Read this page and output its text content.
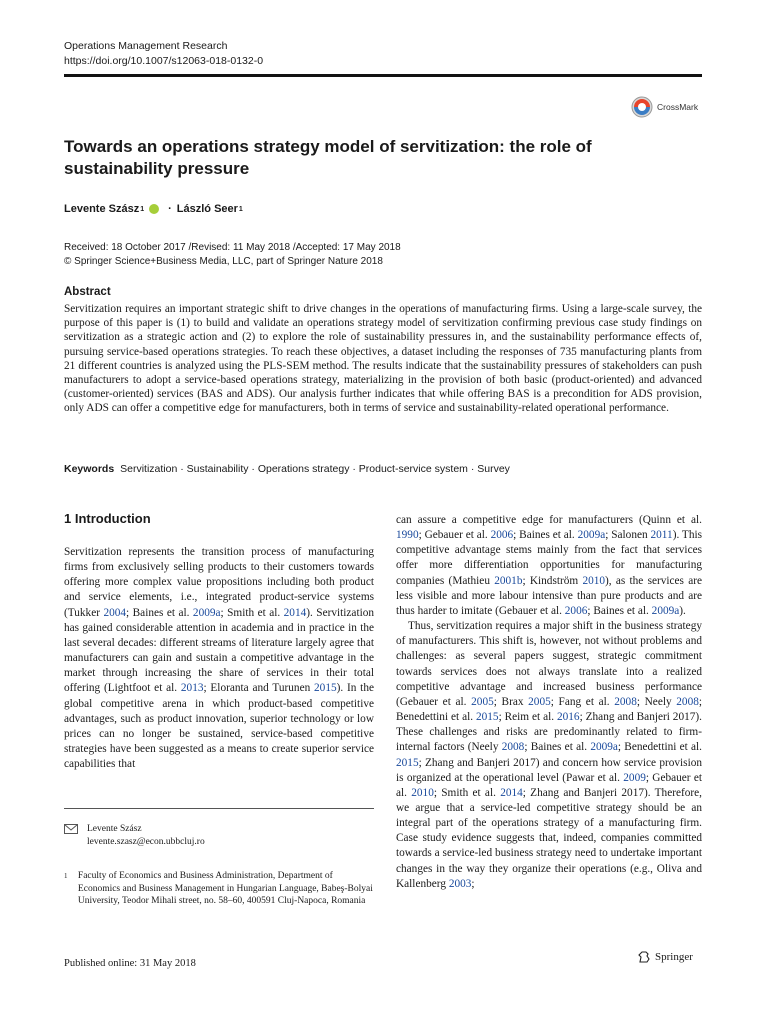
Operations Management Research
https://doi.org/10.1007/s12063-018-0132-0
CrossMark
Towards an operations strategy model of servitization: the role of sustainability pressure
Levente Szász 1 · László Seer 1
Received: 18 October 2017 /Revised: 11 May 2018 /Accepted: 17 May 2018
© Springer Science+Business Media, LLC, part of Springer Nature 2018
Abstract
Servitization requires an important strategic shift to drive changes in the operations of manufacturing firms. Using a large-scale survey, the purpose of this paper is (1) to build and validate an operations strategy model of servitization confirming previous case study findings on servitization as a strategic action and (2) to explore the role of sustainability pressures in, and the sustainability performance effects of, pursuing service-based operations strategies. To reach these objectives, a dataset including the responses of 735 manufacturing plants from 21 different countries is analyzed using the PLS-SEM method. The results indicate that the sustainability pressures of stakeholders can push manufacturers to adopt a service-based operations strategy, materializing in the provision of both basic (product-oriented) and advanced (customer-oriented) services (BAS and ADS). Our analysis further indicates that while offering BAS is a precondition for ADS provision, only ADS can offer a competitive edge for manufacturers, both in terms of service and sustainability-related operational performance.
Keywords Servitization · Sustainability · Operations strategy · Product-service system · Survey
1 Introduction

Servitization represents the transition process of manufacturing firms from exclusively selling products to their customers towards offering more complex value propositions including both product and service elements, i.e., integrated product-service systems (Tukker 2004; Baines et al. 2009a; Smith et al. 2014). Servitization has gained considerable attention in academia and in practice in the last several decades: different streams of literature largely agree that manufacturers can gain and sustain a competitive advantage in the market through increasing the share of services in their total offering (Lightfoot et al. 2013; Eloranta and Turunen 2015). In the global competitive arena in which product-based competitive advantages, such as product innovation, superior technology or low prices can no longer be sustained, service-based competitive strategies have been suggested as a means to create superior service capabilities that

can assure a competitive edge for manufacturers (Quinn et al. 1990; Gebauer et al. 2006; Baines et al. 2009a; Salonen 2011). This competitive advantage stems mainly from the fact that services offer more differentiation opportunities for manufacturing companies (Mathieu 2001b; Kindström 2010), as the services are less visible and more labour intensive than pure products and are thus harder to imitate (Gebauer et al. 2006; Baines et al. 2009a).

Thus, servitization requires a major shift in the business strategy of manufacturers. This shift is, however, not without problems and challenges: as several papers suggest, strategic commitment towards services does not always translate into a realized competitive advantage and increased business performance (Gebauer et al. 2005; Brax 2005; Fang et al. 2008; Neely 2008; Benedettini et al. 2015; Reim et al. 2016; Zhang and Banjeri 2017). These challenges and risks are predominantly related to firm-internal factors (Neely 2008; Baines et al. 2009a; Benedettini et al. 2015; Zhang and Banjeri 2017) and concern how service provision is organized at the operational level (Pawar et al. 2009; Gebauer et al. 2010; Smith et al. 2014; Zhang and Banjeri 2017). Therefore, we argue that a service-led competitive strategy should be an integral part of the operations strategy of a manufacturing firm. Case study evidence suggests that, indeed, companies committed towards a service-led business strategy need to undertake important changes in the way they organize their operations (e.g., Oliva and Kallenberg 2003;

Levente Szász
levente.szasz@econ.ubbcluj.ro
1 Faculty of Economics and Business Administration, Department of Economics and Business Management in Hungarian Language, Babeş-Bolyai University, Teodor Mihali street, no. 58–60, 400591 Cluj-Napoca, Romania
Published online: 31 May 2018
Springer
